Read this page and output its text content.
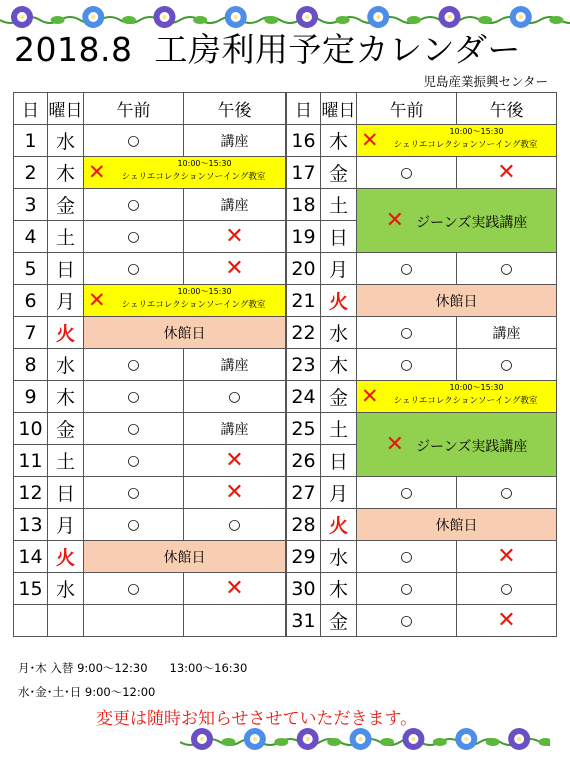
2018.8 工房利用予定カレンダー
児島産業振興センター
日	曜日	午前	午後
1	水	○	講座
2	木	✕ 10:00～15:30
シェリエコレクションソーイング教室	

3	金	○	講座
4	土	○	✕
5	日	○	✕
6	月	✕ 10:00～15:30
シェリエコレクションソーイング教室	

7	火	休館日	
8	水	○	講座
9	木	○	○
10	金	○	講座
11	土	○	✕
12	日	○	✕
13	月	○	○
14	火	休館日	
15	水	○	✕

日	曜日	午前	午後
16	木	✕ 10:00～15:30
シェリエコレクションソーイング教室	

17	金	○	✕
18	土	✕ ジーンズ実践講座	
19	日		
20	月	○	○
21	火	休館日	
22	水	○	講座
23	木	○	○
24	金	✕ 10:00～15:30
シェリエコレクションソーイング教室	

25	土	✕ ジーンズ実践講座	
26	日		
27	月	○	○
28	火	休館日	
29	水	○	✕
30	木	○	○
31	金	○	✕
月･木 入替 9:00～12:30 13:00～16:30
水･金･土･日 9:00～12:00
変更は随時お知らせさせていただきます。
